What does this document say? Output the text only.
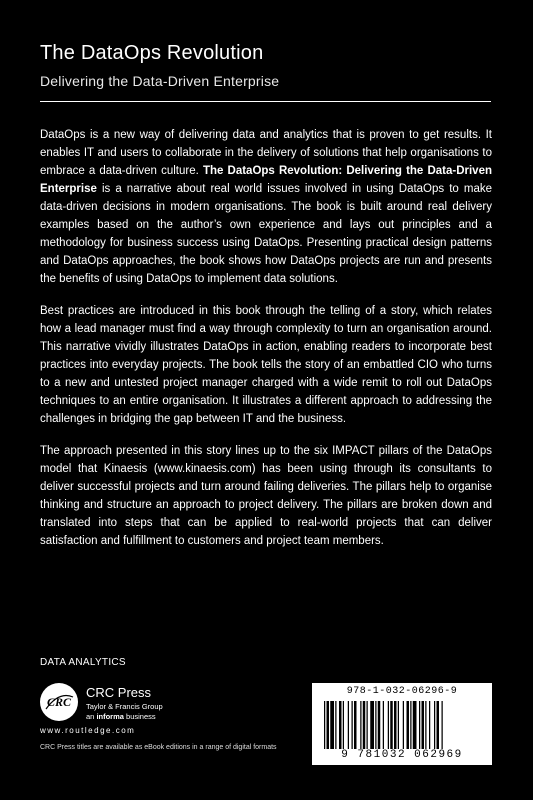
The DataOps Revolution
Delivering the Data-Driven Enterprise

DataOps is a new way of delivering data and analytics that is proven to get results. It enables IT and users to collaborate in the delivery of solutions that help organisations to embrace a data-driven culture. The DataOps Revolution: Delivering the Data-Driven Enterprise is a narrative about real world issues involved in using DataOps to make data-driven decisions in modern organisations. The book is built around real delivery examples based on the author’s own experience and lays out principles and a methodology for business success using DataOps. Presenting practical design patterns and DataOps approaches, the book shows how DataOps projects are run and presents the benefits of using DataOps to implement data solutions.

Best practices are introduced in this book through the telling of a story, which relates how a lead manager must find a way through complexity to turn an organisation around. This narrative vividly illustrates DataOps in action, enabling readers to incorporate best practices into everyday projects. The book tells the story of an embattled CIO who turns to a new and untested project manager charged with a wide remit to roll out DataOps techniques to an entire organisation. It illustrates a different approach to addressing the challenges in bridging the gap between IT and the business.

The approach presented in this story lines up to the six IMPACT pillars of the DataOps model that Kinaesis (www.kinaesis.com) has been using through its consultants to deliver successful projects and turn around failing deliveries. The pillars help to organise thinking and structure an approach to project delivery. The pillars are broken down and translated into steps that can be applied to real-world projects that can deliver satisfaction and fulfillment to customers and project team members.

DATA ANALYTICS
CRC
CRC Press
Taylor & Francis Group
an informa business
www.routledge.com
CRC Press titles are available as eBook editions in a range of digital formats
978-1-032-06296-9
9 781032 062969
